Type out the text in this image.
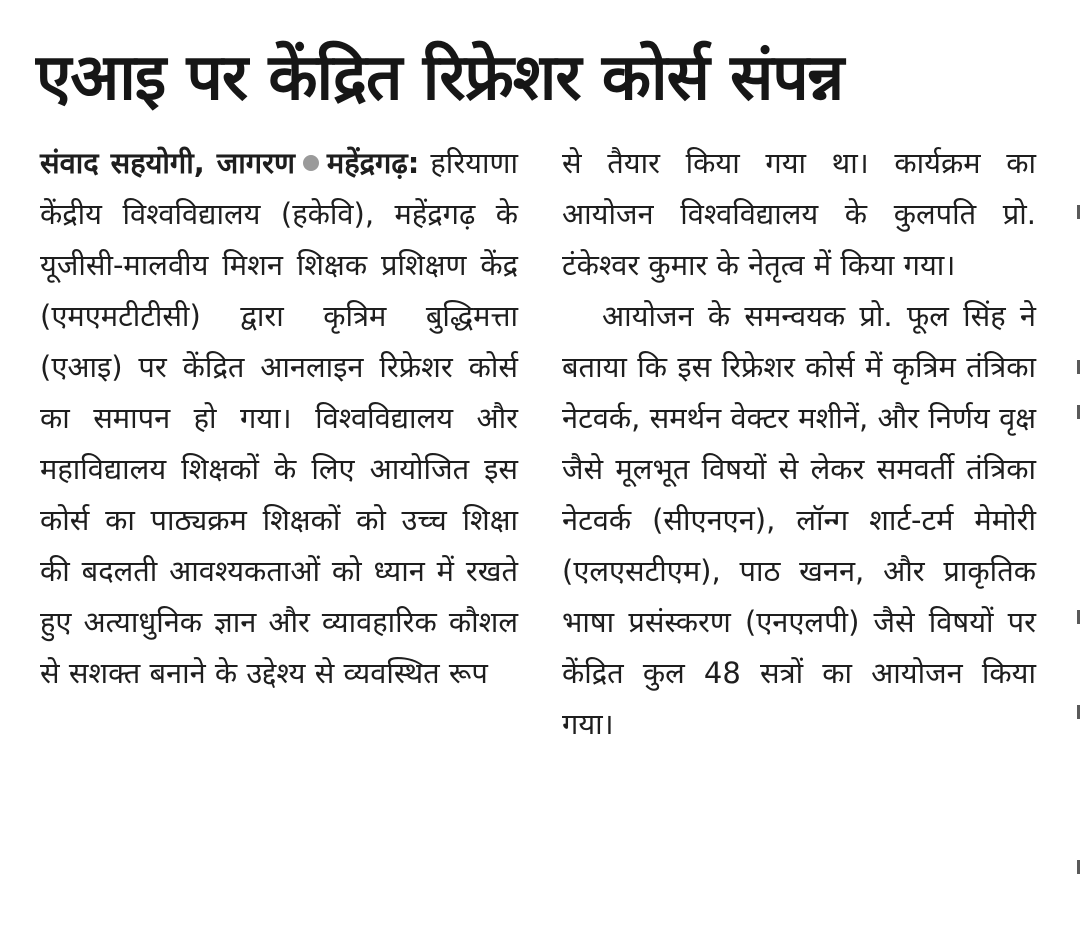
एआइ पर केंद्रित रिफ्रेशर कोर्स संपन्न

संवाद सहयोगी, जागरण महेंद्रगढ़: हरियाणा केंद्रीय विश्वविद्यालय (हकेवि), महेंद्रगढ़ के यूजीसी-मालवीय मिशन शिक्षक प्रशिक्षण केंद्र (एमएमटीटीसी) द्वारा कृत्रिम बुद्धिमत्ता (एआइ) पर केंद्रित आनलाइन रिफ्रेशर कोर्स का समापन हो गया। विश्वविद्यालय और महाविद्यालय शिक्षकों के लिए आयोजित इस कोर्स का पाठ्यक्रम शिक्षकों को उच्च शिक्षा की बदलती आवश्यकताओं को ध्यान में रखते हुए अत्याधुनिक ज्ञान और व्यावहारिक कौशल से सशक्त बनाने के उद्देश्य से व्यवस्थित रूप

से तैयार किया गया था। कार्यक्रम का आयोजन विश्वविद्यालय के कुलपति प्रो. टंकेश्वर कुमार के नेतृत्व में किया गया।

आयोजन के समन्वयक प्रो. फूल सिंह ने बताया कि इस रिफ्रेशर कोर्स में कृत्रिम तंत्रिका नेटवर्क, समर्थन वेक्टर मशीनें, और निर्णय वृक्ष जैसे मूलभूत विषयों से लेकर समवर्ती तंत्रिका नेटवर्क (सीएनएन), लॉन्ग शार्ट-टर्म मेमोरी (एलएसटीएम), पाठ खनन, और प्राकृतिक भाषा प्रसंस्करण (एनएलपी) जैसे विषयों पर केंद्रित कुल 48 सत्रों का आयोजन किया गया।
